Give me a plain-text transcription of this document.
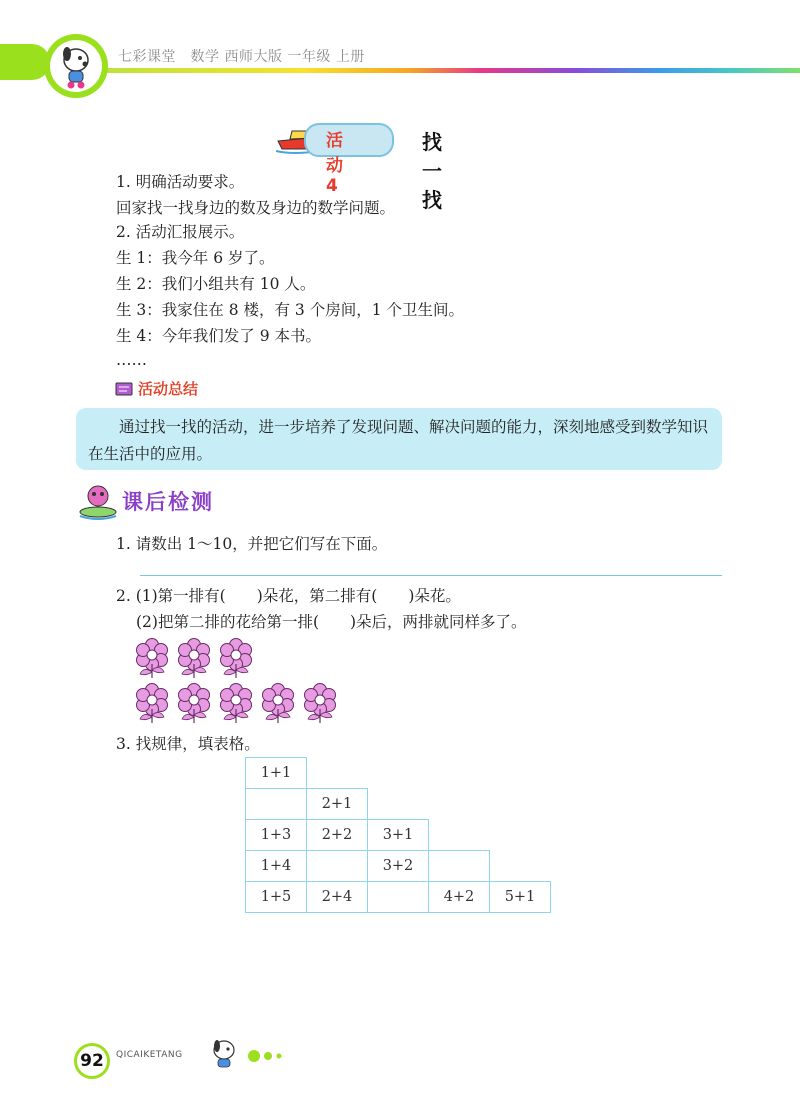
七彩课堂　数学 西师大版 一年级 上册
活动4
找一找
1. 明确活动要求。
回家找一找身边的数及身边的数学问题。
2. 活动汇报展示。
生 1：我今年 6 岁了。
生 2：我们小组共有 10 人。
生 3：我家住在 8 楼，有 3 个房间，1 个卫生间。
生 4：今年我们发了 9 本书。
……
活动总结
通过找一找的活动，进一步培养了发现问题、解决问题的能力，深刻地感受到数学知识在生活中的应用。
课后检测
1. 请数出 1～10，并把它们写在下面。
2. (1)第一排有(　　)朵花，第二排有(　　)朵花。
(2)把第二排的花给第一排(　　)朵后，两排就同样多了。
3. 找规律，填表格。
1+1				
	2+1			
1+3	2+2	3+1		
1+4		3+2		
1+5	2+4		4+2	5+1
92	QICAIKETANG
